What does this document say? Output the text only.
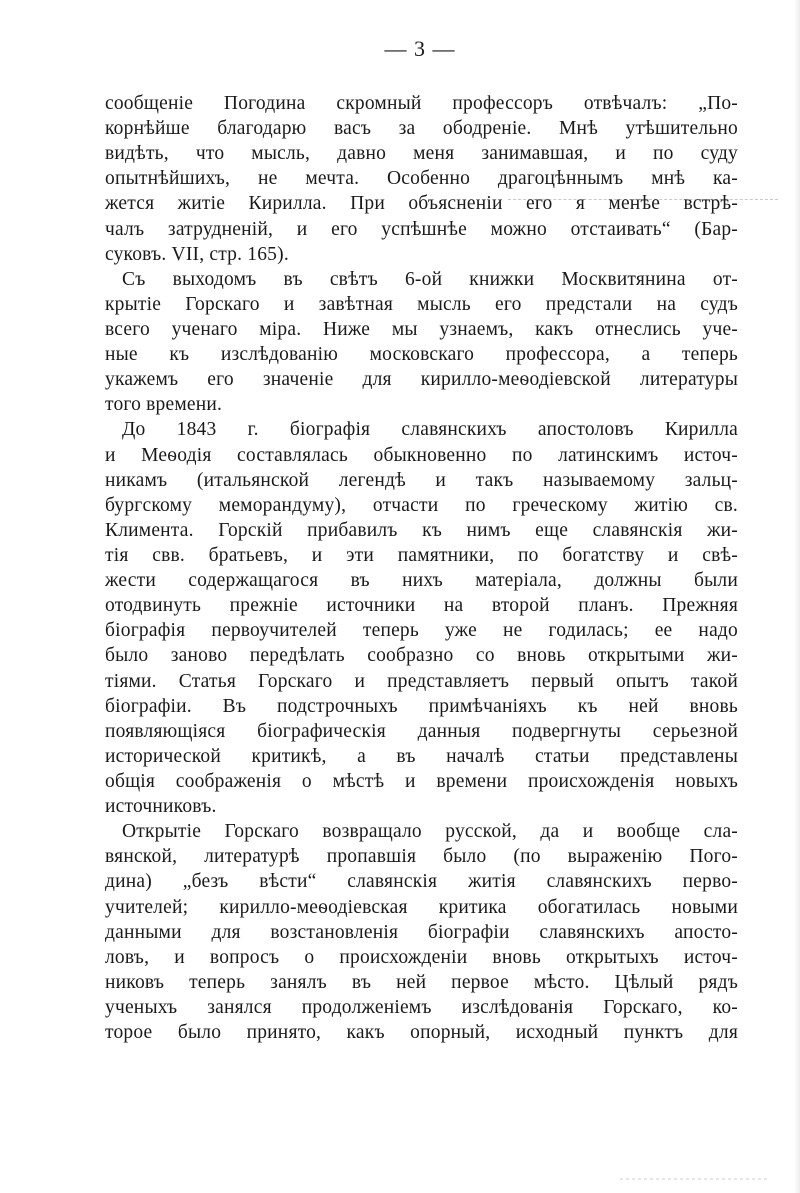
— 3 —
сообщеніе Погодина скромный профессоръ отвѣчалъ: „По-
корнѣйше благодарю васъ за ободреніе. Мнѣ утѣшительно
видѣть, что мысль, давно меня занимавшая, и по суду
опытнѣйшихъ, не мечта. Особенно драгоцѣннымъ мнѣ ка-
жется житіе Кирилла. При объясненіи его я менѣе встрѣ-
чалъ затрудненій, и его успѣшнѣе можно отстаивать“ (Бар-
суковъ. VII, стр. 165).
Съ выходомъ въ свѣтъ 6-ой книжки Москвитянина от-
крытіе Горскаго и завѣтная мысль его предстали на судъ
всего ученаго міра. Ниже мы узнаемъ, какъ отнеслись уче-
ные къ изслѣдованію московскаго профессора, а теперь
укажемъ его значеніе для кирилло-меѳодіевской литературы
того времени.
До 1843 г. біографія славянскихъ апостоловъ Кирилла
и Меѳодія составлялась обыкновенно по латинскимъ источ-
никамъ (итальянской легендѣ и такъ называемому зальц-
бургскому меморандуму), отчасти по греческому житію св.
Климента. Горскій прибавилъ къ нимъ еще славянскія жи-
тія свв. братьевъ, и эти памятники, по богатству и свѣ-
жести содержащагося въ нихъ матеріала, должны были
отодвинуть прежніе источники на второй планъ. Прежняя
біографія первоучителей теперь уже не годилась; ее надо
было заново передѣлать сообразно со вновь открытыми жи-
тіями. Статья Горскаго и представляетъ первый опытъ такой
біографіи. Въ подстрочныхъ примѣчаніяхъ къ ней вновь
появляющіяся біографическія данныя подвергнуты серьезной
исторической критикѣ, а въ началѣ статьи представлены
общія соображенія о мѣстѣ и времени происхожденія новыхъ
источниковъ.
Открытіе Горскаго возвращало русской, да и вообще сла-
вянской, литературѣ пропавшія было (по выраженію Пого-
дина) „безъ вѣсти“ славянскія житія славянскихъ перво-
учителей; кирилло-меѳодіевская критика обогатилась новыми
данными для возстановленія біографіи славянскихъ апосто-
ловъ, и вопросъ о происхожденіи вновь открытыхъ источ-
никовъ теперь занялъ въ ней первое мѣсто. Цѣлый рядъ
ученыхъ занялся продолженіемъ изслѣдованія Горскаго, ко-
торое было принято, какъ опорный, исходный пунктъ для
